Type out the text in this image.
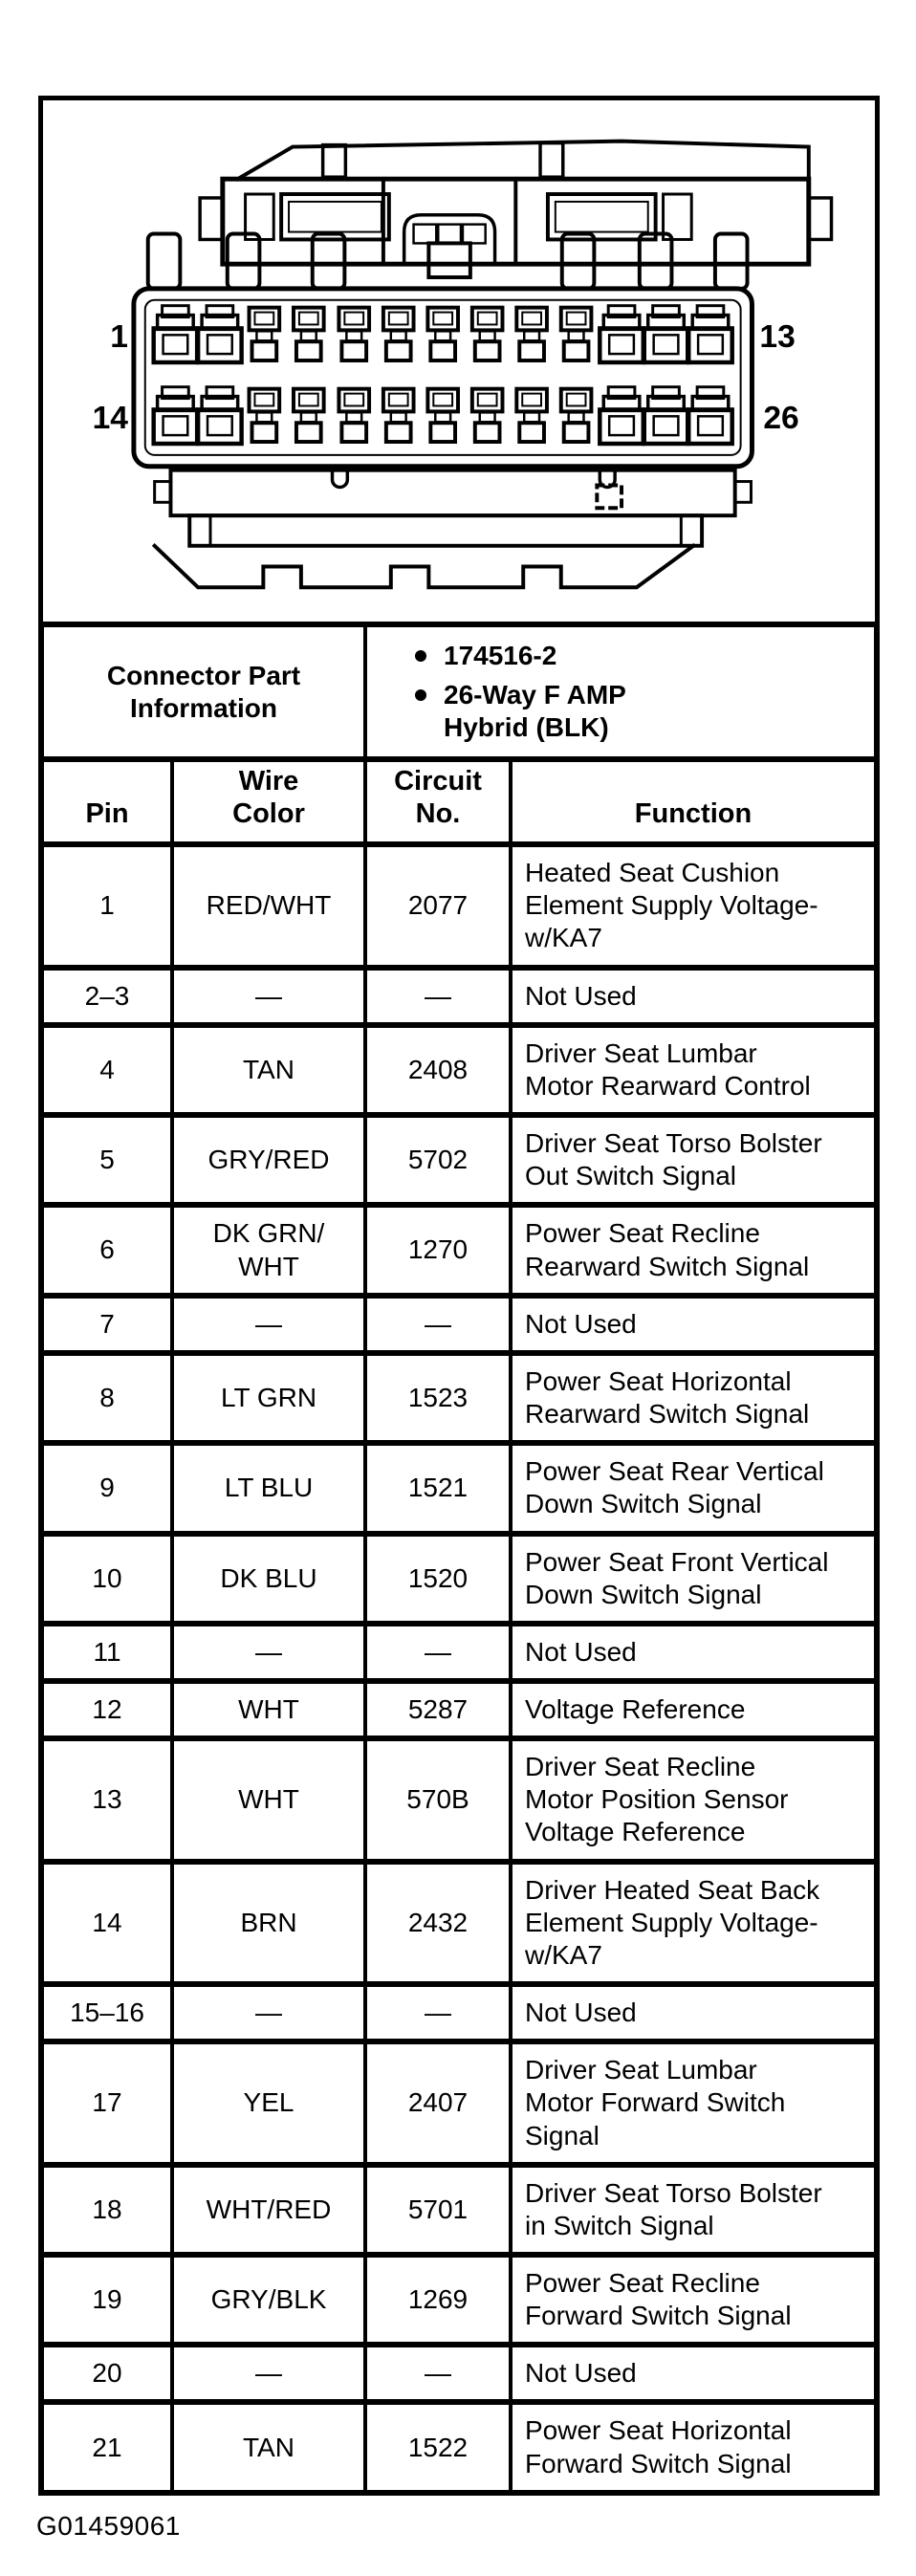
1	13
14	26
Connector Part Information		174516-2
26-Way F AMP Hybrid (BLK)	

Pin	Wire Color	Circuit No.	Function

1	RED/WHT	2077	Heated Seat Cushion Element Supply Voltage-w/KA7

2–3	—	—	Not Used

4	TAN	2408	Driver Seat Lumbar Motor Rearward Control

5	GRY/RED	5702	Driver Seat Torso Bolster Out Switch Signal

6	DK GRN/ WHT	1270	Power Seat Recline Rearward Switch Signal

7	—	—	Not Used

8	LT GRN	1523	Power Seat Horizontal Rearward Switch Signal

9	LT BLU	1521	Power Seat Rear Vertical Down Switch Signal

10	DK BLU	1520	Power Seat Front Vertical Down Switch Signal

11	—	—	Not Used

12	WHT	5287	Voltage Reference

13	WHT	570B	Driver Seat Recline Motor Position Sensor Voltage Reference

14	BRN	2432	Driver Heated Seat Back Element Supply Voltage-w/KA7

15–16	—	—	Not Used

17	YEL	2407	Driver Seat Lumbar Motor Forward Switch Signal

18	WHT/RED	5701	Driver Seat Torso Bolster in Switch Signal

19	GRY/BLK	1269	Power Seat Recline Forward Switch Signal

20	—	—	Not Used

21	TAN	1522	Power Seat Horizontal Forward Switch Signal
G01459061
